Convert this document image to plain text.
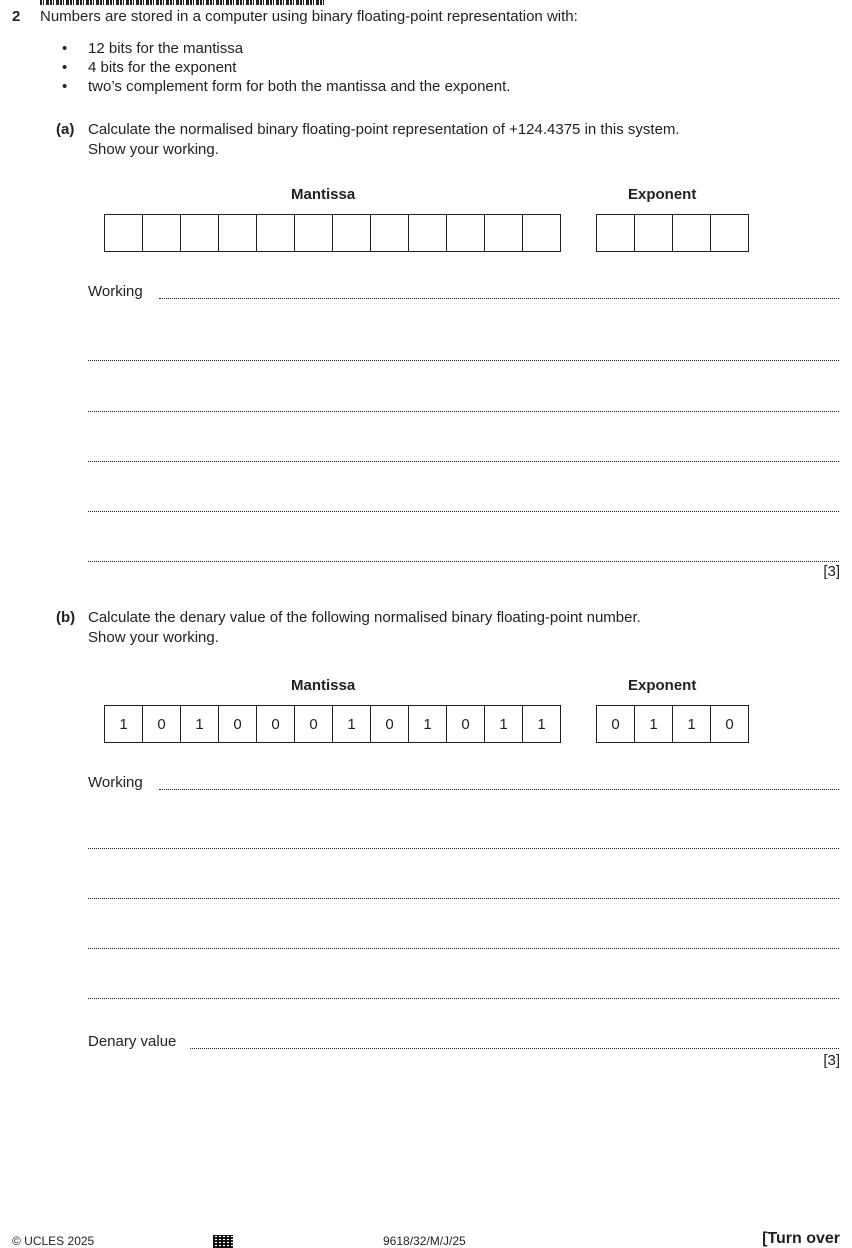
2 Numbers are stored in a computer using binary floating-point representation with:
• 12 bits for the mantissa
• 4 bits for the exponent
• two’s complement form for both the mantissa and the exponent.
(a) Calculate the normalised binary floating-point representation of +124.4375 in this system.
Show your working.
Mantissa	Exponent
Working
[3]
(b) Calculate the denary value of the following normalised binary floating-point number.
Show your working.
Mantissa	Exponent
1	0	1	0	0	0	1	0	1	0	1	1	0	1	1	0
Working
Denary value
[3]
© UCLES 2025	9618/32/M/J/25	[Turn over
